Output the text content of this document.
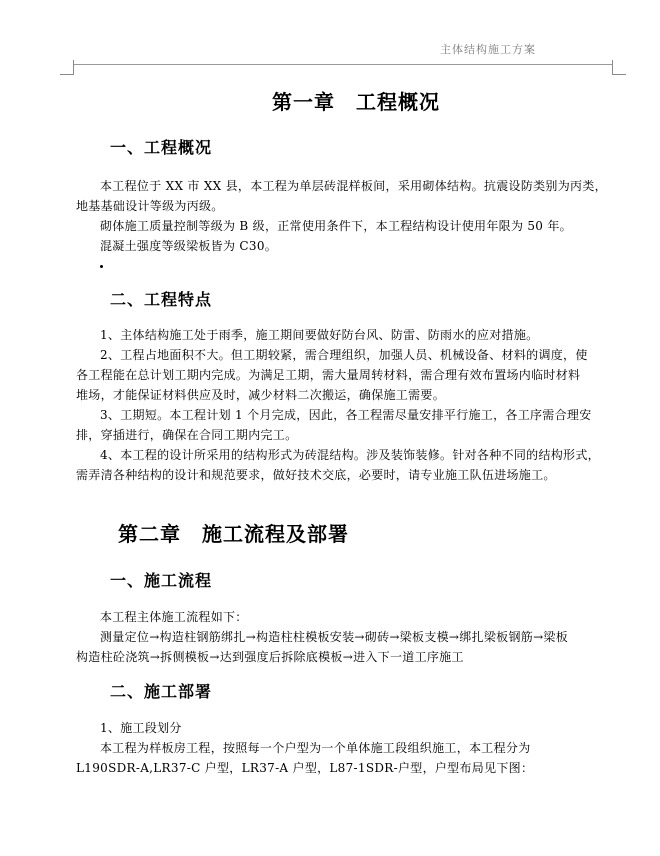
主体结构施工方案
第一章　工程概况
一、工程概况
本工程位于 XX 市 XX 县，本工程为单层砖混样板间，采用砌体结构。抗震设防类别为丙类，
地基基础设计等级为丙级。
砌体施工质量控制等级为 B 级，正常使用条件下，本工程结构设计使用年限为 50 年。
混凝土强度等级梁板皆为 C30。
二、工程特点
1、主体结构施工处于雨季，施工期间要做好防台风、防雷、防雨水的应对措施。
2、工程占地面积不大。但工期较紧，需合理组织，加强人员、机械设备、材料的调度，使
各工程能在总计划工期内完成。为满足工期，需大量周转材料，需合理有效布置场内临时材料
堆场，才能保证材料供应及时，减少材料二次搬运，确保施工需要。
3、工期短。本工程计划 1 个月完成，因此，各工程需尽量安排平行施工，各工序需合理安
排，穿插进行，确保在合同工期内完工。
4、本工程的设计所采用的结构形式为砖混结构。涉及装饰装修。针对各种不同的结构形式，
需弄清各种结构的设计和规范要求，做好技术交底，必要时，请专业施工队伍进场施工。
第二章　施工流程及部署
一、施工流程
本工程主体施工流程如下：
测量定位→构造柱钢筋绑扎→构造柱柱模板安装→砌砖→梁板支模→绑扎梁板钢筋→梁板
构造柱砼浇筑→拆侧模板→达到强度后拆除底模板→进入下一道工序施工
二、施工部署
1、施工段划分
本工程为样板房工程，按照每一个户型为一个单体施工段组织施工，本工程分为
L190SDR-A,LR37-C 户型，LR37-A 户型，L87-1SDR-户型，户型布局见下图：
